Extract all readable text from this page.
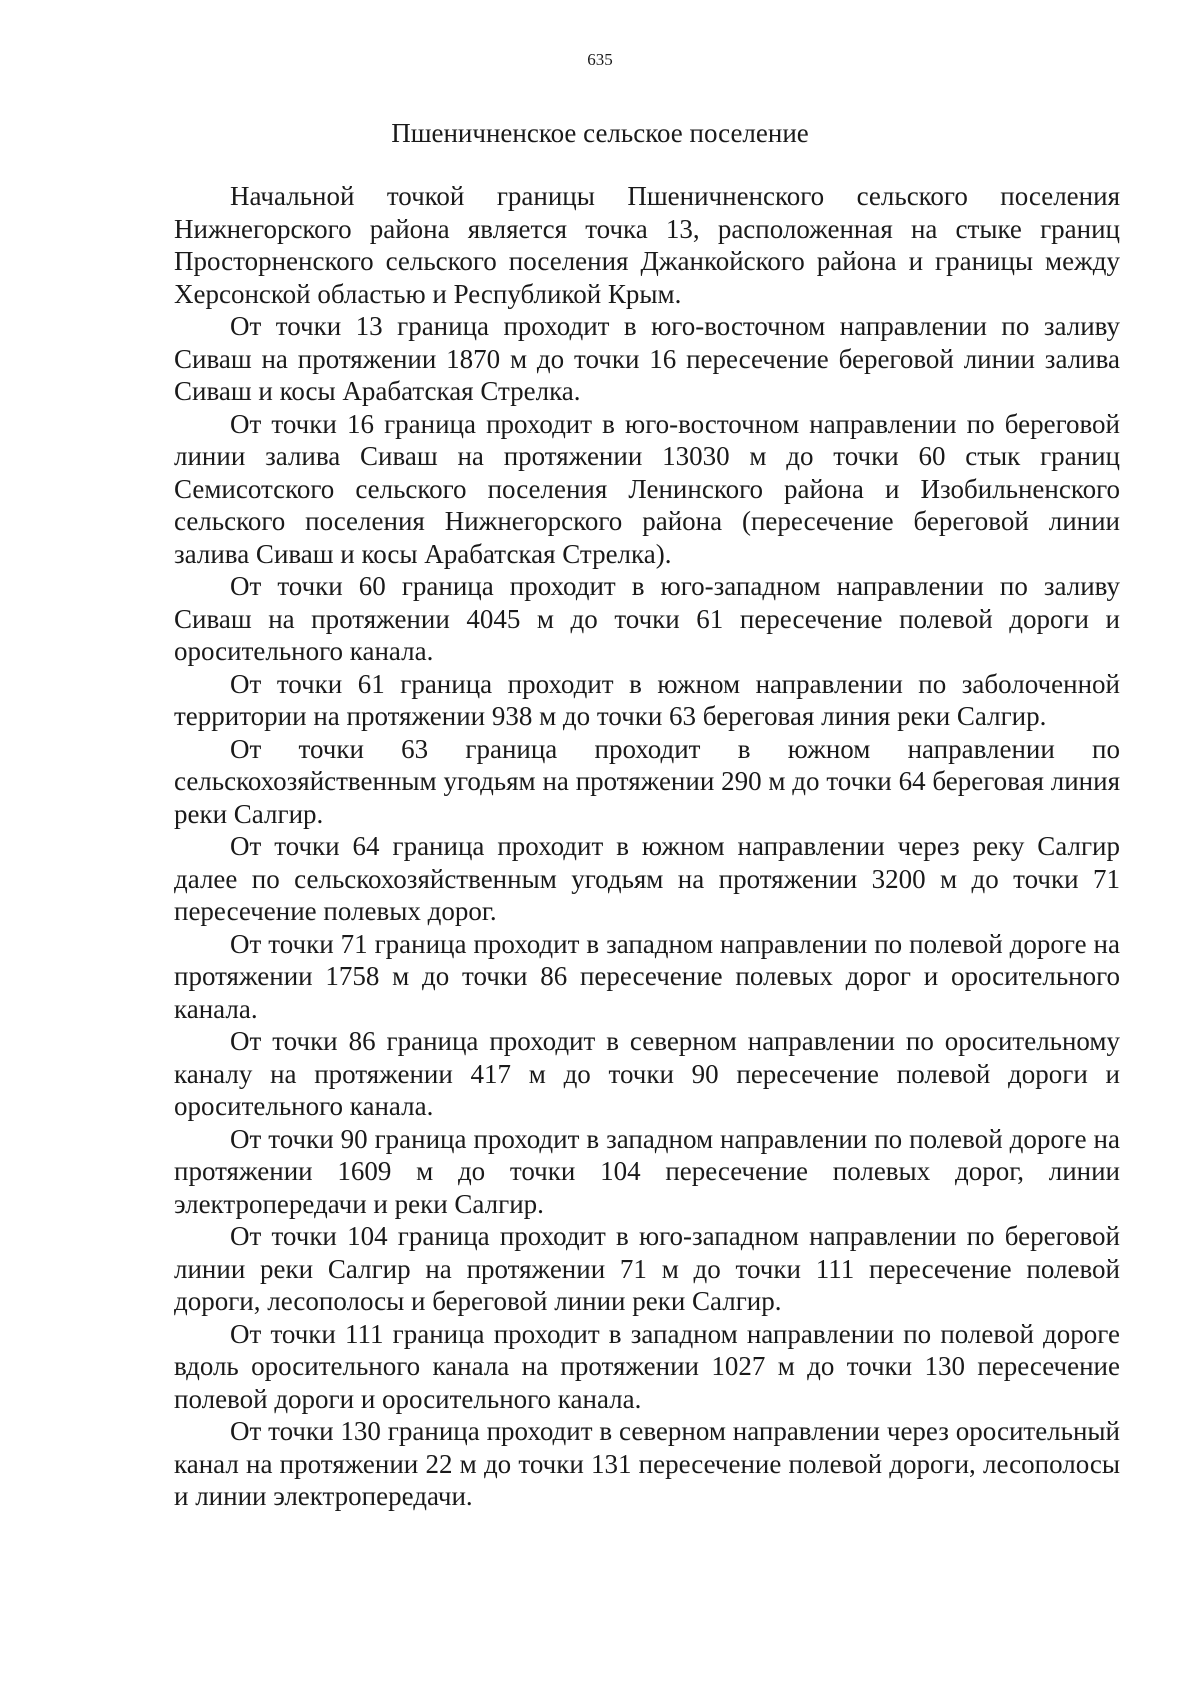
635
Пшеничненское сельское поселение

Начальной точкой границы Пшеничненского сельского поселения Нижнегорского района является точка 13, расположенная на стыке границ Просторненского сельского поселения Джанкойского района и границы между Херсонской областью и Республикой Крым.

От точки 13 граница проходит в юго-восточном направлении по заливу Сиваш на протяжении 1870 м до точки 16 пересечение береговой линии залива Сиваш и косы Арабатская Стрелка.

От точки 16 граница проходит в юго-восточном направлении по береговой линии залива Сиваш на протяжении 13030 м до точки 60 стык границ Семисотского сельского поселения Ленинского района и Изобильненского сельского поселения Нижнегорского района (пересечение береговой линии залива Сиваш и косы Арабатская Стрелка).

От точки 60 граница проходит в юго-западном направлении по заливу Сиваш на протяжении 4045 м до точки 61 пересечение полевой дороги и оросительного канала.

От точки 61 граница проходит в южном направлении по заболоченной территории на протяжении 938 м до точки 63 береговая линия реки Салгир.

От точки 63 граница проходит в южном направлении по сельскохозяйственным угодьям на протяжении 290 м до точки 64 береговая линия реки Салгир.

От точки 64 граница проходит в южном направлении через реку Салгир далее по сельскохозяйственным угодьям на протяжении 3200 м до точки 71 пересечение полевых дорог.

От точки 71 граница проходит в западном направлении по полевой дороге на протяжении 1758 м до точки 86 пересечение полевых дорог и оросительного канала.

От точки 86 граница проходит в северном направлении по оросительному каналу на протяжении 417 м до точки 90 пересечение полевой дороги и оросительного канала.

От точки 90 граница проходит в западном направлении по полевой дороге на протяжении 1609 м до точки 104 пересечение полевых дорог, линии электропередачи и реки Салгир.

От точки 104 граница проходит в юго-западном направлении по береговой линии реки Салгир на протяжении 71 м до точки 111 пересечение полевой дороги, лесополосы и береговой линии реки Салгир.

От точки 111 граница проходит в западном направлении по полевой дороге вдоль оросительного канала на протяжении 1027 м до точки 130 пересечение полевой дороги и оросительного канала.

От точки 130 граница проходит в северном направлении через оросительный канал на протяжении 22 м до точки 131 пересечение полевой дороги, лесополосы и линии электропередачи.
